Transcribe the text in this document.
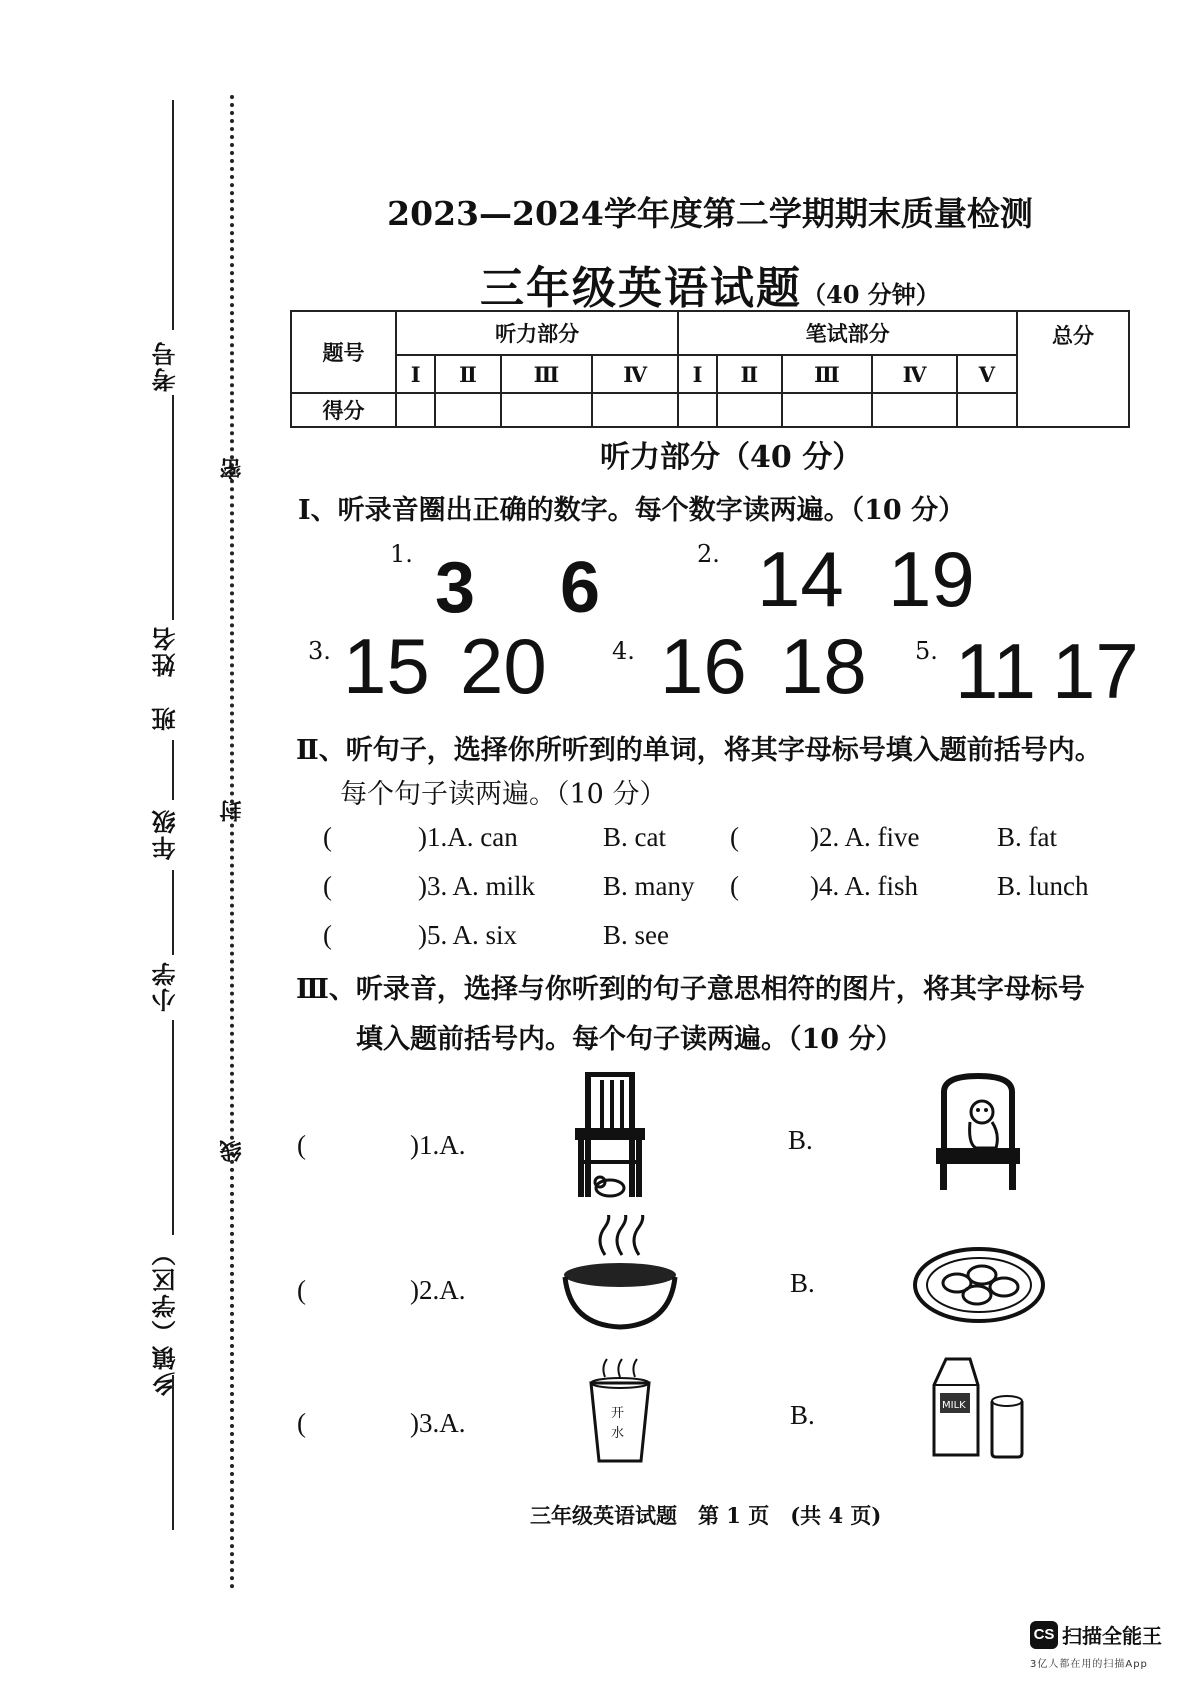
考号
姓名
班
年级
小学
乡镇（学区）
密
封
线
2023—2024学年度第二学期期末质量检测
三年级英语试题（40 分钟）
题号	听力部分				笔试部分					总分
	Ⅰ	Ⅱ	Ⅲ	Ⅳ	Ⅰ	Ⅱ	Ⅲ	Ⅳ	Ⅴ	
得分										
听力部分（40 分）
Ⅰ、听录音圈出正确的数字。每个数字读两遍。（10 分）
1. 3 6	2. 14 19
3. 15 20	4. 16 18 5. 11 17
Ⅱ、听句子，选择你所听到的单词，将其字母标号填入题前括号内。
每个句子读两遍。（10 分）
(	)1.A. can	B. cat (	)2. A. five	B. fat
(	)3. A. milk	B. many (	)4. A. fish	B. lunch
(	)5. A. six	B. see
Ⅲ、听录音，选择与你听到的句子意思相符的图片，将其字母标号
填入题前括号内。每个句子读两遍。（10 分）
(	)1.A.	B.
(	)2.A.	B.
(	)3.A.	开
水
B.	MILK
三年级英语试题　第 1 页　(共 4 页)
CS 扫描全能王
3亿人都在用的扫描App
